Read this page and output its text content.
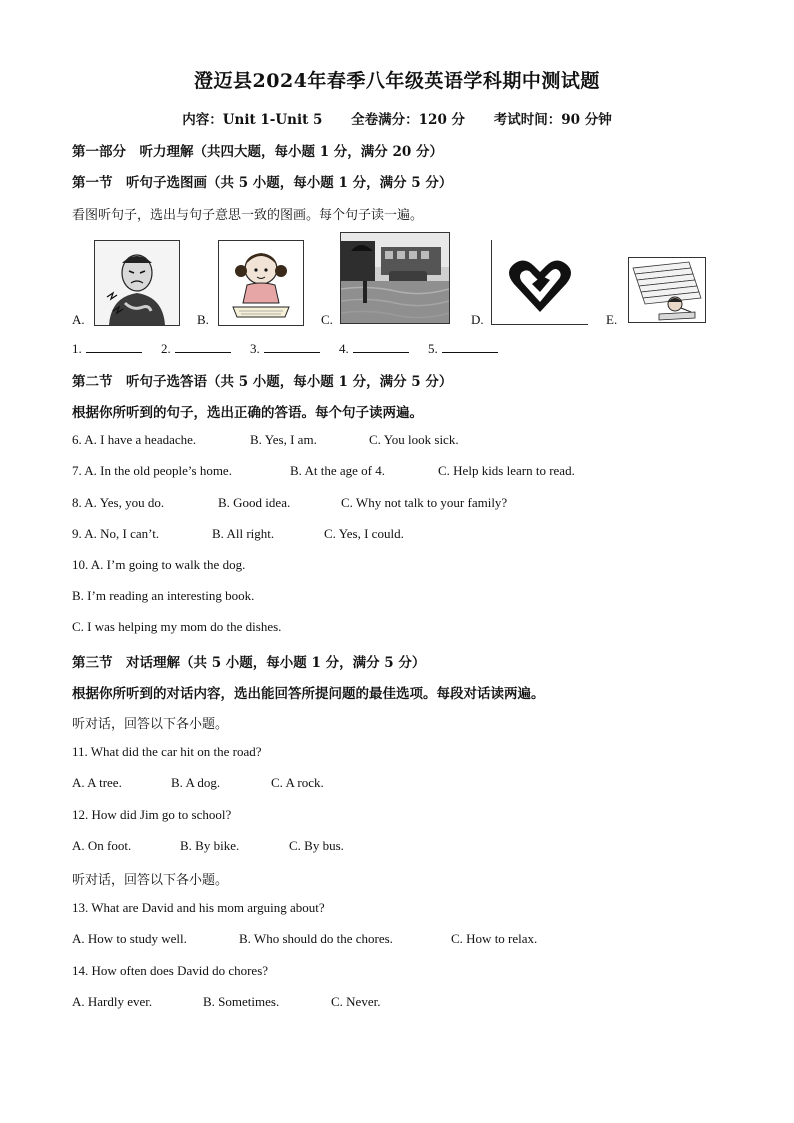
澄迈县2024年春季八年级英语学科期中测试题
内容：Unit 1-Unit 5 全卷满分：120 分 考试时间：90 分钟
第一部分　听力理解（共四大题，每小题 1 分，满分 20 分）
第一节　听句子选图画（共 5 小题，每小题 1 分，满分 5 分）
看图听句子，选出与句子意思一致的图画。每个句子读一遍。
A.	B.	C.	D.	E.
1.	2.	3.	4.	5.
第二节　听句子选答语（共 5 小题，每小题 1 分，满分 5 分）
根据你所听到的句子，选出正确的答语。每个句子读两遍。
6. A. I have a headache.	B. Yes, I am.	C. You look sick.
7. A. In the old people’s home.	B. At the age of 4.	C. Help kids learn to read.
8. A. Yes, you do.	B. Good idea.	C. Why not talk to your family?
9. A. No, I can’t.	B. All right.	C. Yes, I could.
10. A. I’m going to walk the dog.
B. I’m reading an interesting book.
C. I was helping my mom do the dishes.
第三节　对话理解（共 5 小题，每小题 1 分，满分 5 分）
根据你所听到的对话内容，选出能回答所提问题的最佳选项。每段对话读两遍。
听对话，回答以下各小题。
11. What did the car hit on the road?
A. A tree.	B. A dog.	C. A rock.
12. How did Jim go to school?
A. On foot.	B. By bike.	C. By bus.
听对话，回答以下各小题。
13. What are David and his mom arguing about?
A. How to study well.	B. Who should do the chores.	C. How to relax.
14. How often does David do chores?
A. Hardly ever.	B. Sometimes.	C. Never.
